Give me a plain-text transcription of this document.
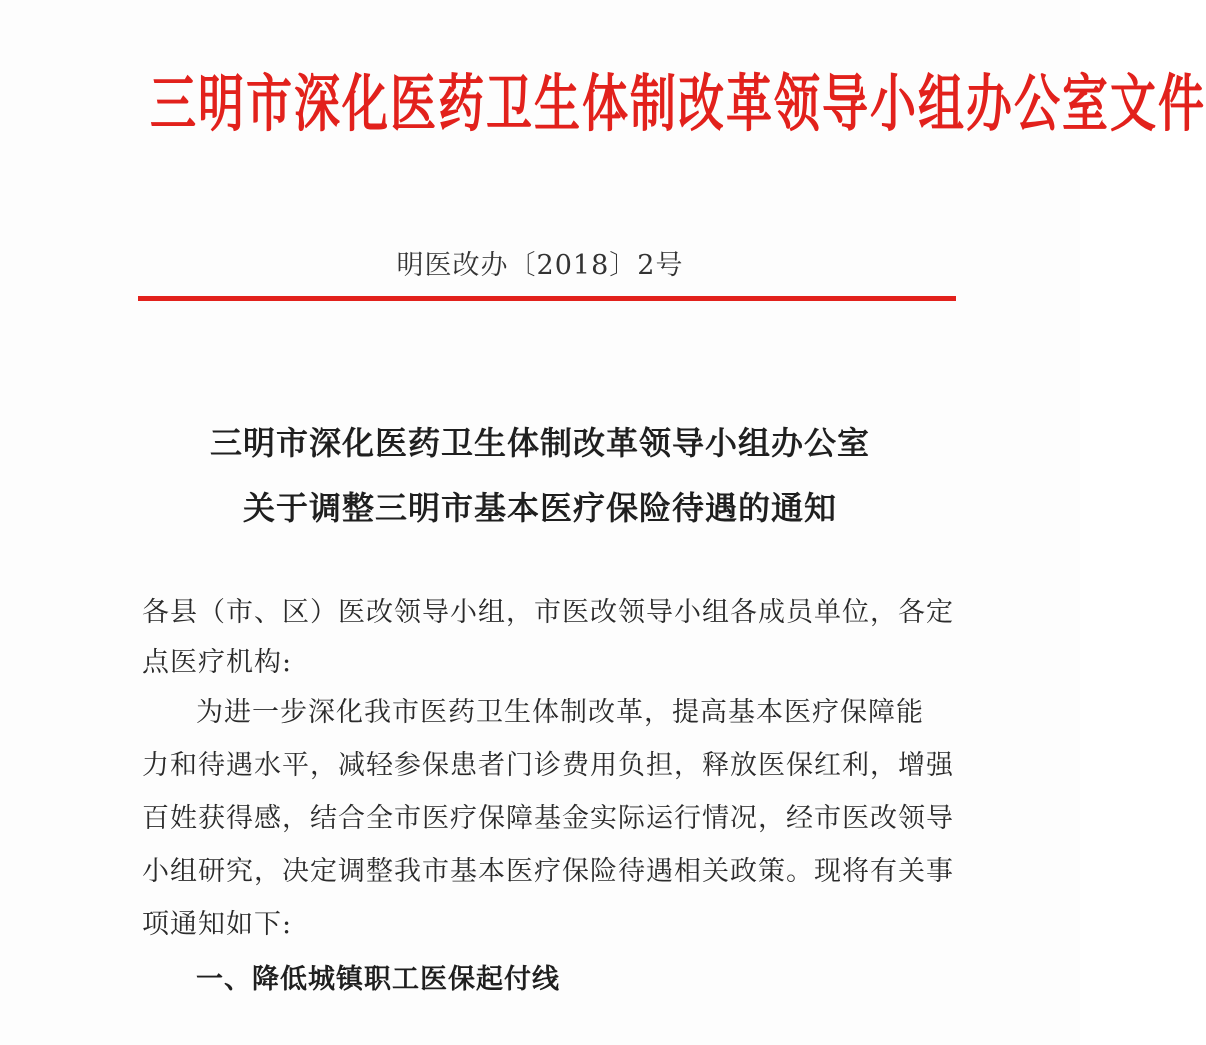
三明市深化医药卫生体制改革领导小组办公室文件
明医改办〔2018〕2号
三明市深化医药卫生体制改革领导小组办公室
关于调整三明市基本医疗保险待遇的通知
各县（市、区）医改领导小组，市医改领导小组各成员单位，各定
点医疗机构:
为进一步深化我市医药卫生体制改革，提高基本医疗保障能
力和待遇水平，减轻参保患者门诊费用负担，释放医保红利，增强
百姓获得感，结合全市医疗保障基金实际运行情况，经市医改领导
小组研究，决定调整我市基本医疗保险待遇相关政策。现将有关事
项通知如下:
一、降低城镇职工医保起付线
